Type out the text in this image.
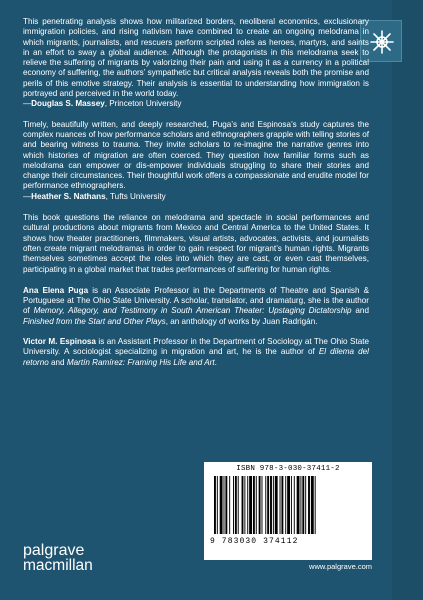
This penetrating analysis shows how militarized borders, neoliberal economics, exclusionary immigration policies, and rising nativism have combined to create an ongoing melodrama in which migrants, journalists, and rescuers perform scripted roles as heroes, martyrs, and saints in an effort to sway a global audience. Although the protagonists in this melodrama seek to relieve the suffering of migrants by valorizing their pain and using it as a currency in a political economy of suffering, the authors’ sympathetic but critical analysis reveals both the promise and perils of this emotive strategy. Their analysis is essential to understanding how immigration is portrayed and perceived in the world today.
—Douglas S. Massey, Princeton University

Timely, beautifully written, and deeply researched, Puga’s and Espinosa’s study captures the complex nuances of how performance scholars and ethnographers grapple with telling stories of and bearing witness to trauma. They invite scholars to re-imagine the narrative genres into which histories of migration are often coerced. They question how familiar forms such as melodrama can empower or dis-empower individuals struggling to share their stories and change their circumstances. Their thoughtful work offers a compassionate and erudite model for performance ethnographers.
—Heather S. Nathans, Tufts University

This book questions the reliance on melodrama and spectacle in social performances and cultural productions about migrants from Mexico and Central America to the United States. It shows how theater practitioners, filmmakers, visual artists, advocates, activists, and journalists often create migrant melodramas in order to gain respect for migrant’s human rights. Migrants themselves sometimes accept the roles into which they are cast, or even cast themselves, participating in a global market that trades performances of suffering for human rights.

Ana Elena Puga is an Associate Professor in the Departments of Theatre and Spanish & Portuguese at The Ohio State University. A scholar, translator, and dramaturg, she is the author of Memory, Allegory, and Testimony in South American Theater: Upstaging Dictatorship and Finished from the Start and Other Plays, an anthology of works by Juan Radrigán.

Victor M. Espinosa is an Assistant Professor in the Department of Sociology at The Ohio State University. A sociologist specializing in migration and art, he is the author of El dilema del retorno and Martín Ramírez: Framing His Life and Art.

ISBN 978-3-030-37411-2
9 783030 374112
www.palgrave.com
palgrave
macmillan
